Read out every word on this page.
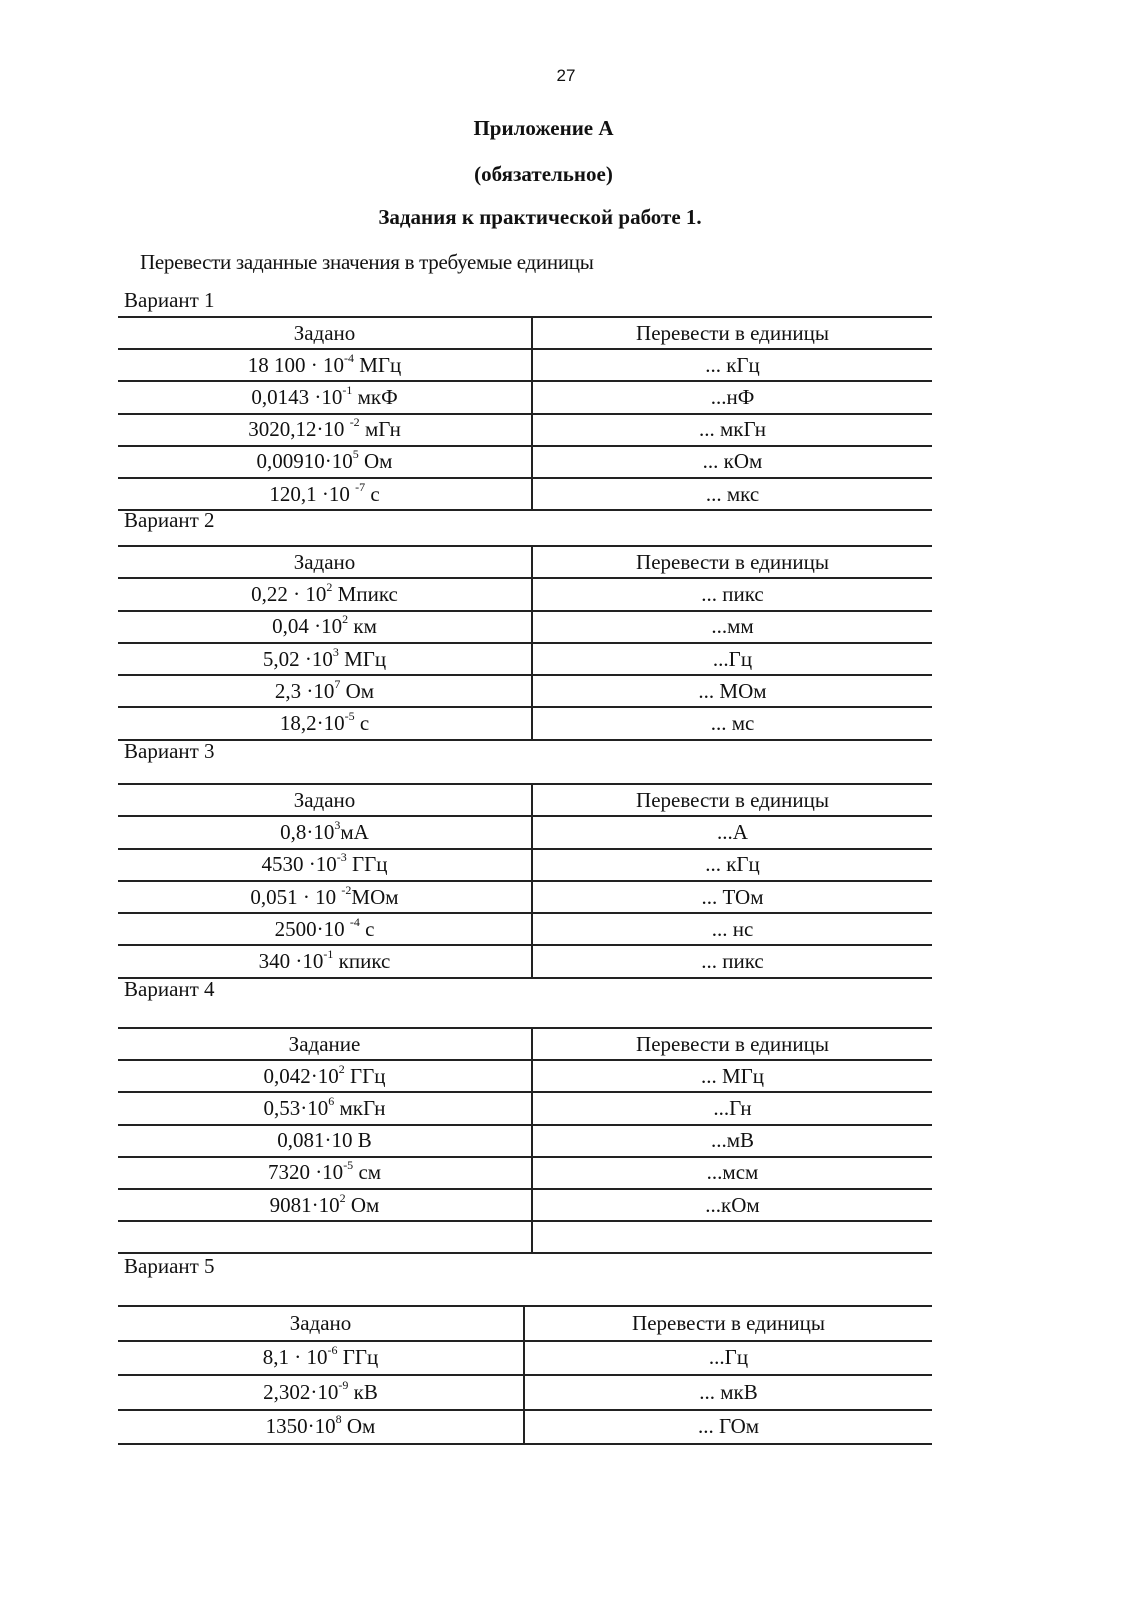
27
Приложение А
(обязательное)
Задания к практической работе 1.
Перевести заданные значения в требуемые единицы
Вариант 1
Задано	Перевести в единицы
18 $100 \cdot 10^{-4}$ МГц	... кГц
$0,0143 \cdot 10^{-1}$ мкФ	...нФ
3020,12·10 $^{-2}$ мГн	... мкГн
$0,00910\cdot 10^5$ Ом	... кОм
120,1 ·10 $^{-7}$ с	... мкс
Вариант 2
Задано	Перевести в единицы
$0,22 \cdot 10^2$ Мпикс	... пикс
$0,04 \cdot 10^2$ км	...мм
$5,02 \cdot 10^3$ МГц	...Гц
$2,3 \cdot 10^7$ Ом	... МОм
$18,2\cdot 10^{-5}$ с	... мс
Вариант 3
Задано	Перевести в единицы
$0,8\cdot 10^3мА$	...А
$4530 \cdot 10^{-3}$ ГГц	... кГц
0,051 · 10 $^{-2}$МОм	... ТОм
2500·10 $^{-4}$ с	... нс
$340 \cdot 10^{-1}$ кпикс	... пикс
Вариант 4
Задание	Перевести в единицы
$0,042\cdot 10^2$ ГГц	... МГц
$0,53\cdot 10^6$ мкГн	...Гн
0,081·10 В	...мВ
$7320 \cdot 10^{-5}$ см	...мсм
$9081\cdot 10^2$ Ом	...кОм

Вариант 5
Задано	Перевести в единицы
$8,1 \cdot 10^{-6}$ ГГц	...Гц
$2,302\cdot 10^{-9}$ кВ	... мкВ
$1350\cdot 10^8$ Ом	... ГОм
